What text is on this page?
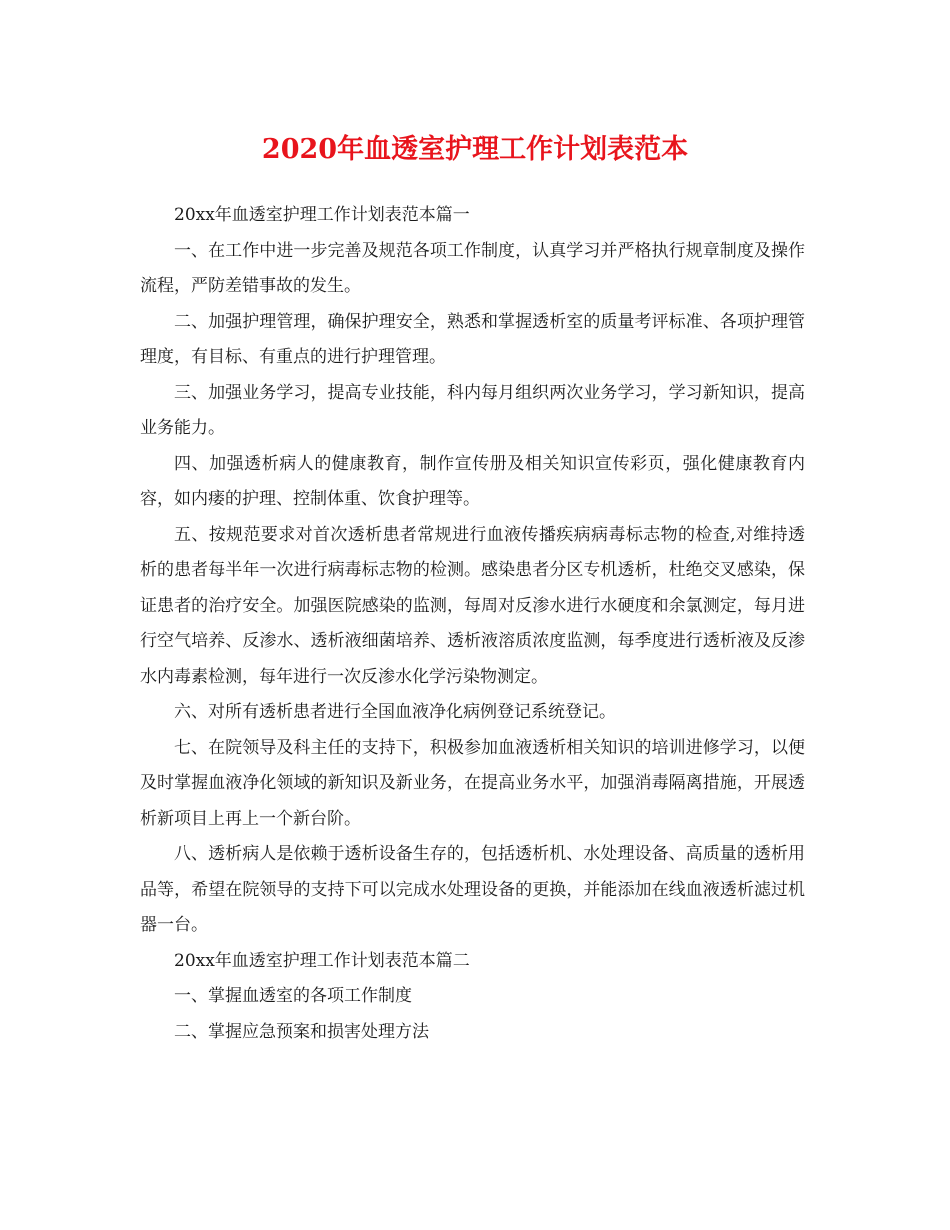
2020年血透室护理工作计划表范本

20xx年血透室护理工作计划表范本篇一

一、在工作中进一步完善及规范各项工作制度，认真学习并严格执行规章制度及操作流程，严防差错事故的发生。

二、加强护理管理，确保护理安全，熟悉和掌握透析室的质量考评标准、各项护理管理度，有目标、有重点的进行护理管理。

三、加强业务学习，提高专业技能，科内每月组织两次业务学习，学习新知识，提高业务能力。

四、加强透析病人的健康教育，制作宣传册及相关知识宣传彩页，强化健康教育内容，如内瘘的护理、控制体重、饮食护理等。

五、按规范要求对首次透析患者常规进行血液传播疾病病毒标志物的检查,对维持透析的患者每半年一次进行病毒标志物的检测。感染患者分区专机透析，杜绝交叉感染，保证患者的治疗安全。加强医院感染的监测，每周对反渗水进行水硬度和余氯测定，每月进行空气培养、反渗水、透析液细菌培养、透析液溶质浓度监测，每季度进行透析液及反渗水内毒素检测，每年进行一次反渗水化学污染物测定。

六、对所有透析患者进行全国血液净化病例登记系统登记。

七、在院领导及科主任的支持下，积极参加血液透析相关知识的培训进修学习，以便及时掌握血液净化领域的新知识及新业务，在提高业务水平，加强消毒隔离措施，开展透析新项目上再上一个新台阶。

八、透析病人是依赖于透析设备生存的，包括透析机、水处理设备、高质量的透析用品等，希望在院领导的支持下可以完成水处理设备的更换，并能添加在线血液透析滤过机器一台。

20xx年血透室护理工作计划表范本篇二

一、掌握血透室的各项工作制度

二、掌握应急预案和损害处理方法
